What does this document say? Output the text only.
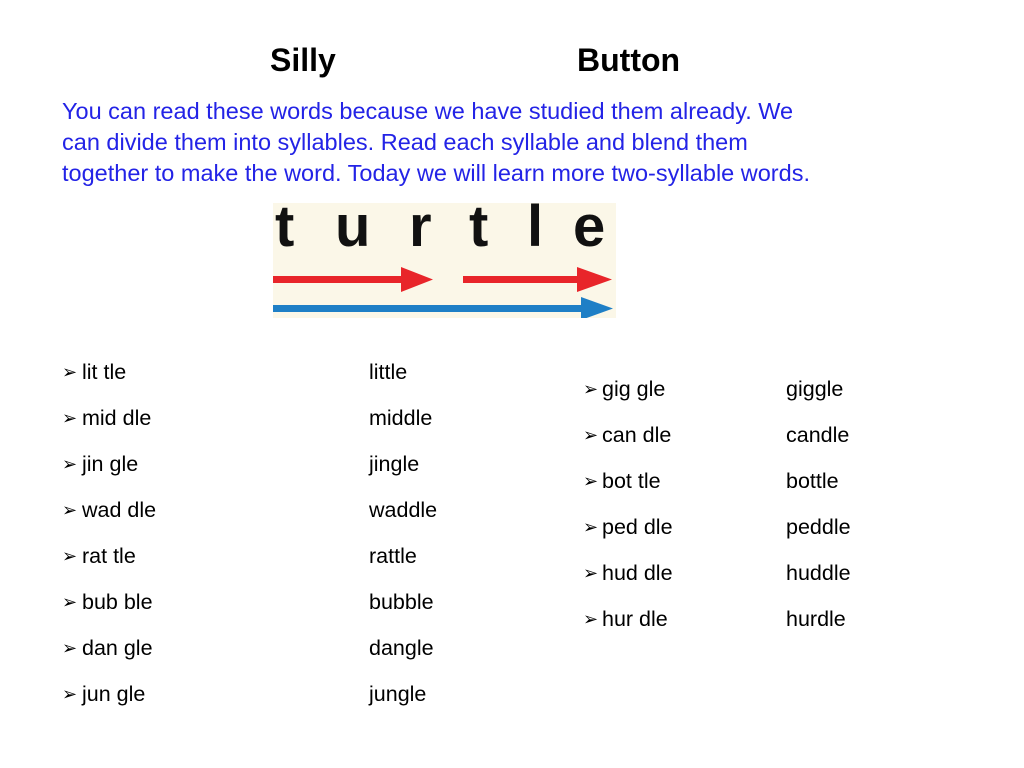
Silly	Button
You can read these words because we have studied them already. We
can divide them into syllables. Read each syllable and blend them
together to make the word. Today we will learn more two-syllable words.
t u r t l e
➢ lit tle	little
➢ mid dle	middle
➢ jin gle	jingle
➢ wad dle	waddle
➢ rat tle	rattle
➢ bub ble	bubble
➢ dan gle	dangle
➢ jun gle	jungle
➢ gig gle	giggle
➢ can dle	candle
➢ bot tle	bottle
➢ ped dle	peddle
➢ hud dle	huddle
➢ hur dle	hurdle
